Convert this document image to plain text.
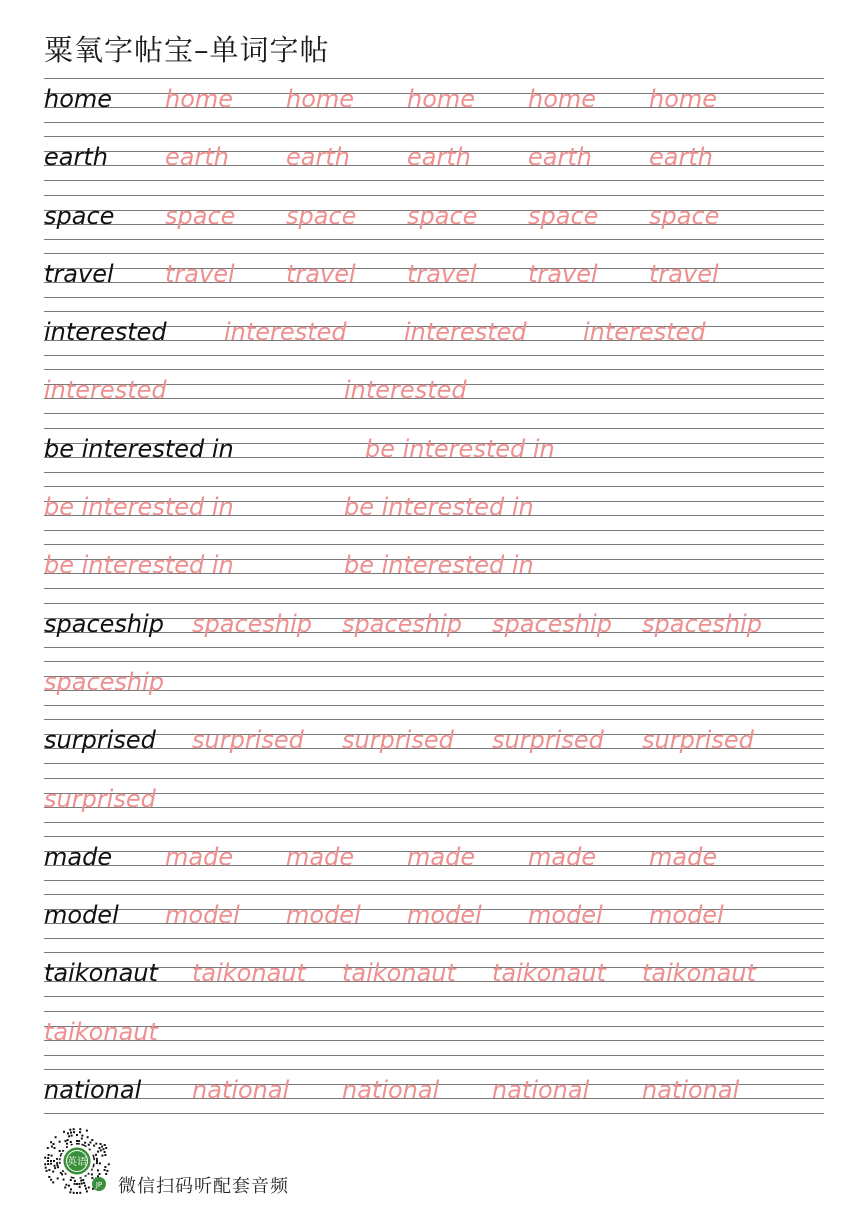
粟氧字帖宝–单词字帖
home home home home home home
earth earth earth earth earth earth
space space space space space space
travel travel travel travel travel travel
interested interested interested interested
interested	interested
be interested in	be interested in
be interested in	be interested in
be interested in	be interested in
spaceship spaceship spaceship spaceship spaceship
spaceship
surprised surprised surprised surprised surprised
surprised
made made made made made made
model model model model model model
taikonaut taikonaut taikonaut taikonaut taikonaut
taikonaut
national national national national national
英语
JP 微信扫码听配套音频
